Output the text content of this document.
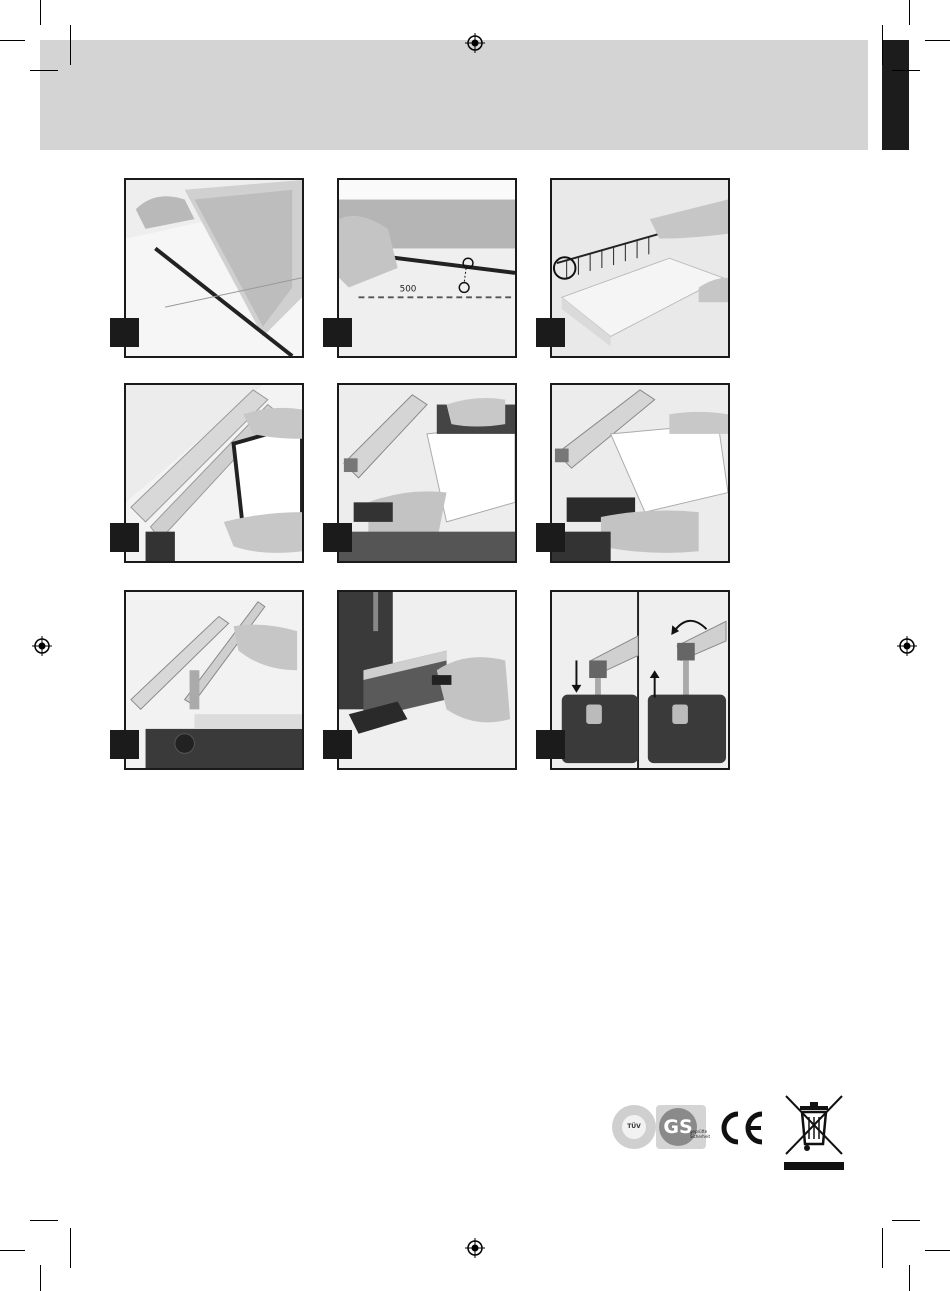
500
TÜV GS
geprüfte Sicherheit
